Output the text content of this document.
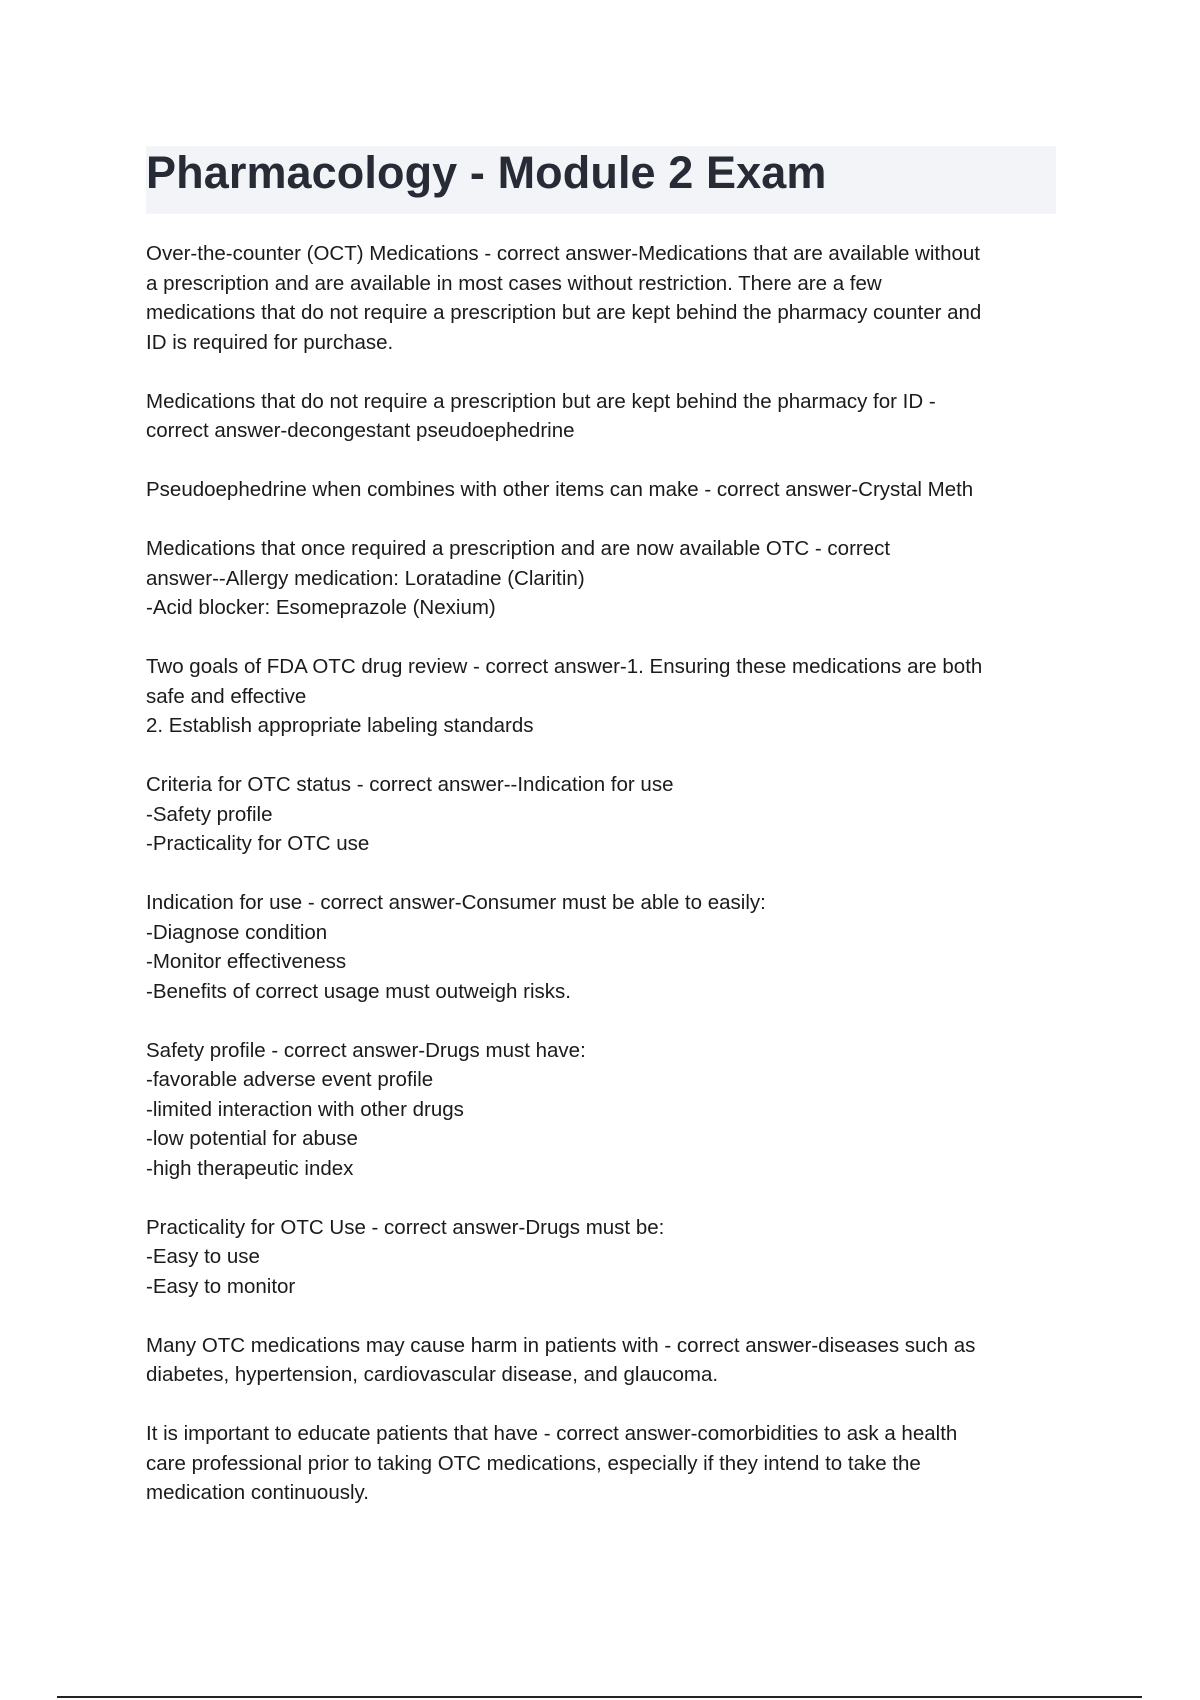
Pharmacology - Module 2 Exam

Over-the-counter (OCT) Medications - correct answer-Medications that are available without
a prescription and are available in most cases without restriction. There are a few
medications that do not require a prescription but are kept behind the pharmacy counter and
ID is required for purchase.

Medications that do not require a prescription but are kept behind the pharmacy for ID -
correct answer-decongestant pseudoephedrine

Pseudoephedrine when combines with other items can make - correct answer-Crystal Meth

Medications that once required a prescription and are now available OTC - correct
answer--Allergy medication: Loratadine (Claritin)
-Acid blocker: Esomeprazole (Nexium)

Two goals of FDA OTC drug review - correct answer-1. Ensuring these medications are both
safe and effective
2. Establish appropriate labeling standards

Criteria for OTC status - correct answer--Indication for use
-Safety profile
-Practicality for OTC use

Indication for use - correct answer-Consumer must be able to easily:
-Diagnose condition
-Monitor effectiveness
-Benefits of correct usage must outweigh risks.

Safety profile - correct answer-Drugs must have:
-favorable adverse event profile
-limited interaction with other drugs
-low potential for abuse
-high therapeutic index

Practicality for OTC Use - correct answer-Drugs must be:
-Easy to use
-Easy to monitor

Many OTC medications may cause harm in patients with - correct answer-diseases such as
diabetes, hypertension, cardiovascular disease, and glaucoma.

It is important to educate patients that have - correct answer-comorbidities to ask a health
care professional prior to taking OTC medications, especially if they intend to take the
medication continuously.
